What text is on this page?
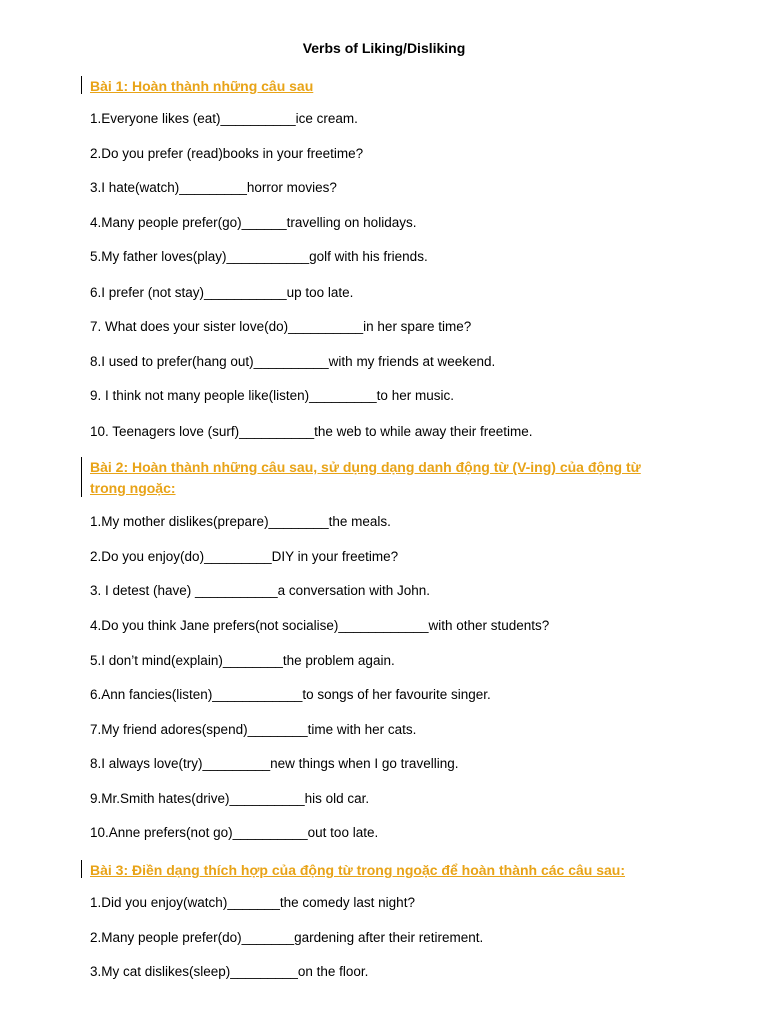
Verbs of Liking/Disliking
Bài 1: Hoàn thành những câu sau
1.Everyone likes (eat)__________ice cream.
2.Do you prefer (read)books in your freetime?
3.I hate(watch)_________horror movies?
4.Many people prefer(go)______travelling on holidays.
5.My father loves(play)___________golf with his friends.
6.I prefer (not stay)___________up too late.
7. What does your sister love(do)__________in her spare time?
8.I used to prefer(hang out)__________with my friends at weekend.
9. I think not many people like(listen)_________to her music.
10. Teenagers love (surf)__________the web to while away their freetime.
Bài 2: Hoàn thành những câu sau, sử dụng dạng danh động từ (V-ing) của động từ trong ngoặc:
1.My mother dislikes(prepare)________the meals.
2.Do you enjoy(do)_________DIY in your freetime?
3. I detest (have) ___________a conversation with John.
4.Do you think Jane prefers(not socialise)____________with other students?
5.I don’t mind(explain)________the problem again.
6.Ann fancies(listen)____________to songs of her favourite singer.
7.My friend adores(spend)________time with her cats.
8.I always love(try)_________new things when I go travelling.
9.Mr.Smith hates(drive)__________his old car.
10.Anne prefers(not go)__________out too late.
Bài 3: Điền dạng thích hợp của động từ trong ngoặc để hoàn thành các câu sau:
1.Did you enjoy(watch)_______the comedy last night?
2.Many people prefer(do)_______gardening after their retirement.
3.My cat dislikes(sleep)_________on the floor.
